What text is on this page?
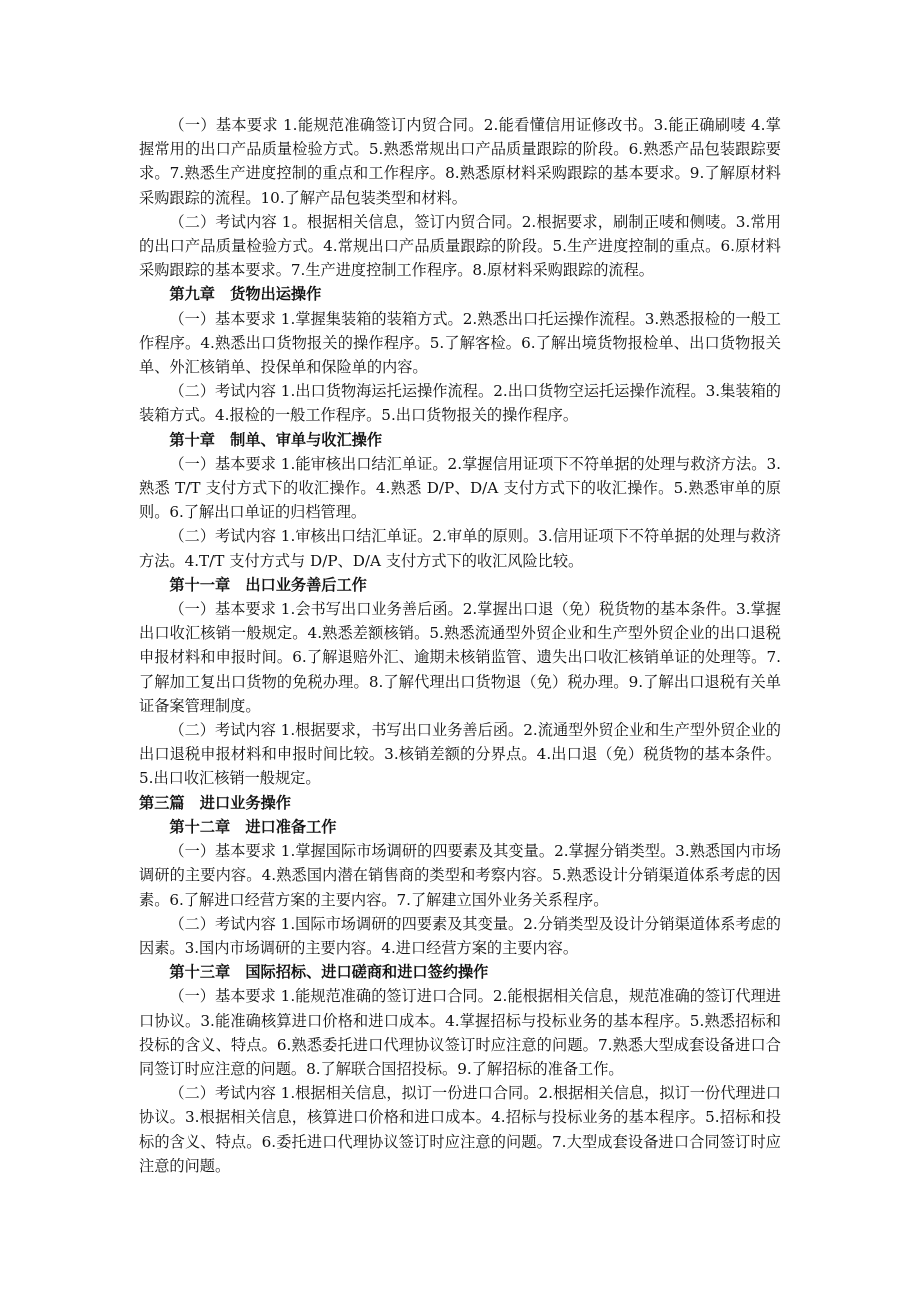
（一）基本要求 1.能规范准确签订内贸合同。2.能看懂信用证修改书。3.能正确刷唛 4.掌握常用的出口产品质量检验方式。5.熟悉常规出口产品质量跟踪的阶段。6.熟悉产品包装跟踪要求。7.熟悉生产进度控制的重点和工作程序。8.熟悉原材料采购跟踪的基本要求。9.了解原材料采购跟踪的流程。10.了解产品包装类型和材料。

（二）考试内容 1。根据相关信息，签订内贸合同。2.根据要求，刷制正唛和侧唛。3.常用的出口产品质量检验方式。4.常规出口产品质量跟踪的阶段。5.生产进度控制的重点。6.原材料采购跟踪的基本要求。7.生产进度控制工作程序。8.原材料采购跟踪的流程。

第九章　货物出运操作

（一）基本要求 1.掌握集装箱的装箱方式。2.熟悉出口托运操作流程。3.熟悉报检的一般工作程序。4.熟悉出口货物报关的操作程序。5.了解客检。6.了解出境货物报检单、出口货物报关单、外汇核销单、投保单和保险单的内容。

（二）考试内容 1.出口货物海运托运操作流程。2.出口货物空运托运操作流程。3.集装箱的装箱方式。4.报检的一般工作程序。5.出口货物报关的操作程序。

第十章　制单、审单与收汇操作

（一）基本要求 1.能审核出口结汇单证。2.掌握信用证项下不符单据的处理与救济方法。3.熟悉 T/T 支付方式下的收汇操作。4.熟悉 D/P、D/A 支付方式下的收汇操作。5.熟悉审单的原则。6.了解出口单证的归档管理。

（二）考试内容 1.审核出口结汇单证。2.审单的原则。3.信用证项下不符单据的处理与救济方法。4.T/T 支付方式与 D/P、D/A 支付方式下的收汇风险比较。

第十一章　出口业务善后工作

（一）基本要求 1.会书写出口业务善后函。2.掌握出口退（免）税货物的基本条件。3.掌握出口收汇核销一般规定。4.熟悉差额核销。5.熟悉流通型外贸企业和生产型外贸企业的出口退税申报材料和申报时间。6.了解退赔外汇、逾期未核销监管、遗失出口收汇核销单证的处理等。7.了解加工复出口货物的免税办理。8.了解代理出口货物退（免）税办理。9.了解出口退税有关单证备案管理制度。

（二）考试内容 1.根据要求，书写出口业务善后函。2.流通型外贸企业和生产型外贸企业的出口退税申报材料和申报时间比较。3.核销差额的分界点。4.出口退（免）税货物的基本条件。5.出口收汇核销一般规定。

第三篇　进口业务操作

第十二章　进口准备工作

（一）基本要求 1.掌握国际市场调研的四要素及其变量。2.掌握分销类型。3.熟悉国内市场调研的主要内容。4.熟悉国内潜在销售商的类型和考察内容。5.熟悉设计分销渠道体系考虑的因素。6.了解进口经营方案的主要内容。7.了解建立国外业务关系程序。

（二）考试内容 1.国际市场调研的四要素及其变量。2.分销类型及设计分销渠道体系考虑的因素。3.国内市场调研的主要内容。4.进口经营方案的主要内容。

第十三章　国际招标、进口磋商和进口签约操作

（一）基本要求 1.能规范准确的签订进口合同。2.能根据相关信息，规范准确的签订代理进口协议。3.能准确核算进口价格和进口成本。4.掌握招标与投标业务的基本程序。5.熟悉招标和投标的含义、特点。6.熟悉委托进口代理协议签订时应注意的问题。7.熟悉大型成套设备进口合同签订时应注意的问题。8.了解联合国招投标。9.了解招标的准备工作。

（二）考试内容 1.根据相关信息，拟订一份进口合同。2.根据相关信息，拟订一份代理进口协议。3.根据相关信息，核算进口价格和进口成本。4.招标与投标业务的基本程序。5.招标和投标的含义、特点。6.委托进口代理协议签订时应注意的问题。7.大型成套设备进口合同签订时应注意的问题。
